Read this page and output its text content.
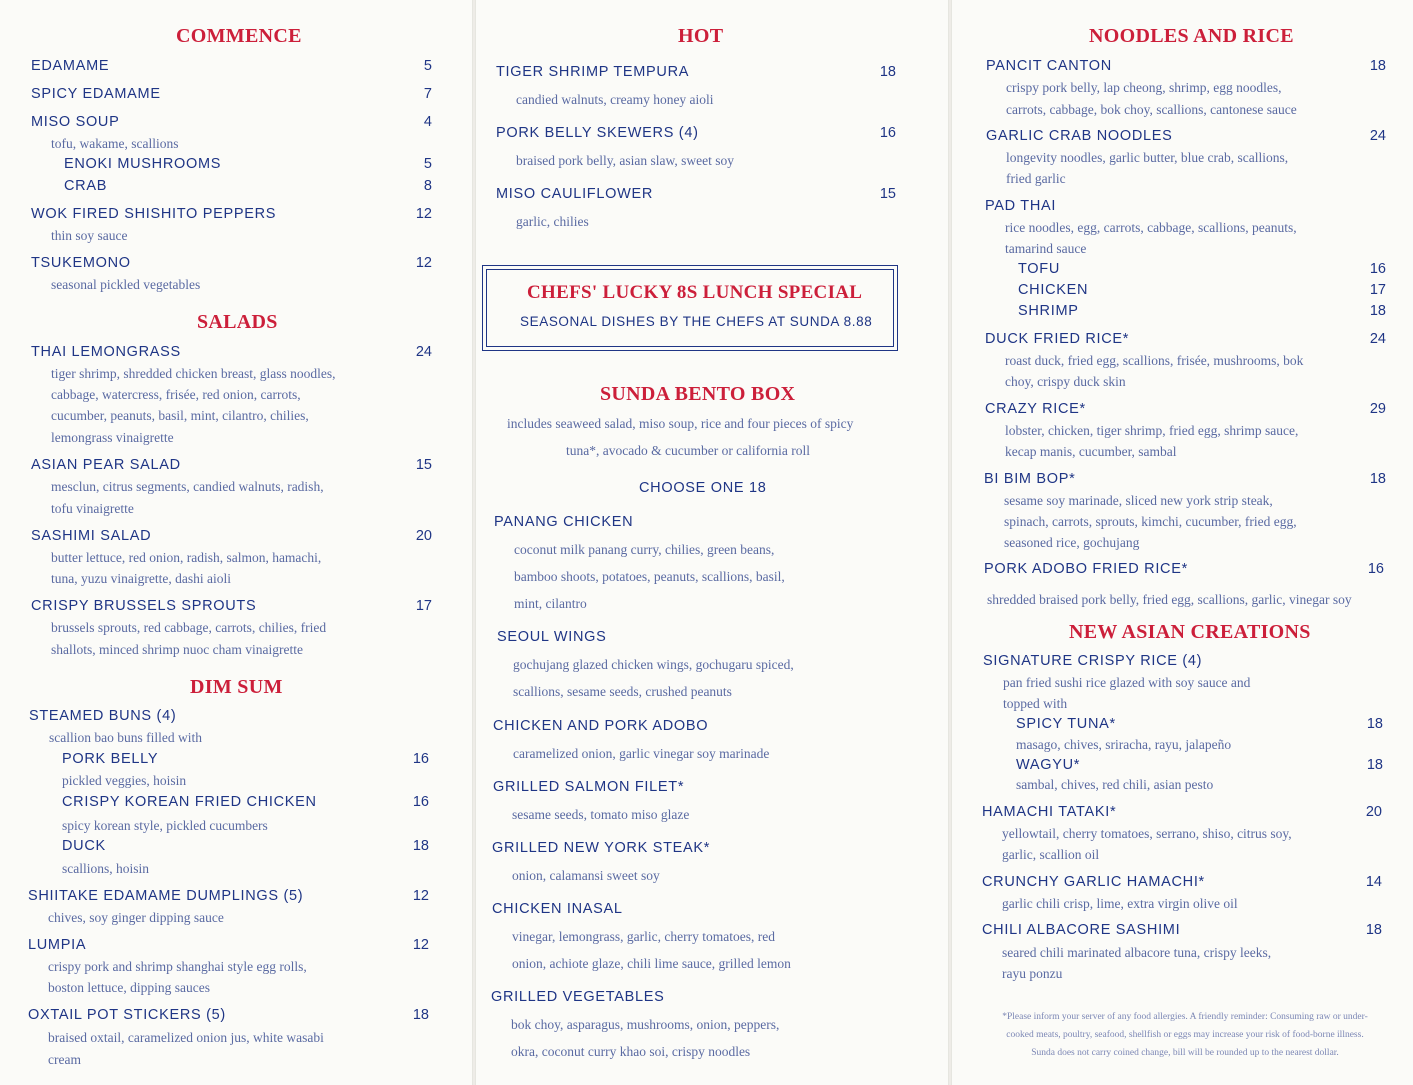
COMMENCE
EDAMAME	5
SPICY EDAMAME	7
MISO SOUP	4
tofu, wakame, scallions
ENOKI MUSHROOMS	5
CRAB	8
WOK FIRED SHISHITO PEPPERS	12
thin soy sauce
TSUKEMONO	12
seasonal pickled vegetables
SALADS
THAI LEMONGRASS	24
tiger shrimp, shredded chicken breast, glass noodles,
cabbage, watercress, frisée, red onion, carrots,
cucumber, peanuts, basil, mint, cilantro, chilies,
lemongrass vinaigrette
ASIAN PEAR SALAD	15
mesclun, citrus segments, candied walnuts, radish,
tofu vinaigrette
SASHIMI SALAD	20
butter lettuce, red onion, radish, salmon, hamachi,
tuna, yuzu vinaigrette, dashi aioli
CRISPY BRUSSELS SPROUTS	17
brussels sprouts, red cabbage, carrots, chilies, fried
shallots, minced shrimp nuoc cham vinaigrette
DIM SUM
STEAMED BUNS (4)
scallion bao buns filled with
PORK BELLY	16
pickled veggies, hoisin
CRISPY KOREAN FRIED CHICKEN	16
spicy korean style, pickled cucumbers
DUCK	18
scallions, hoisin
SHIITAKE EDAMAME DUMPLINGS (5)	12
chives, soy ginger dipping sauce
LUMPIA	12
crispy pork and shrimp shanghai style egg rolls,
boston lettuce, dipping sauces
OXTAIL POT STICKERS (5)	18
braised oxtail, caramelized onion jus, white wasabi
cream
HOT
TIGER SHRIMP TEMPURA	18
candied walnuts, creamy honey aioli
PORK BELLY SKEWERS (4)	16
braised pork belly, asian slaw, sweet soy
MISO CAULIFLOWER	15
garlic, chilies
CHEFS' LUCKY 8S LUNCH SPECIAL
SEASONAL DISHES BY THE CHEFS AT SUNDA 8.88
SUNDA BENTO BOX
includes seaweed salad, miso soup, rice and four pieces of spicy
tuna*, avocado & cucumber or california roll
CHOOSE ONE 18
PANANG CHICKEN
coconut milk panang curry, chilies, green beans,
bamboo shoots, potatoes, peanuts, scallions, basil,
mint, cilantro
SEOUL WINGS
gochujang glazed chicken wings, gochugaru spiced,
scallions, sesame seeds, crushed peanuts
CHICKEN AND PORK ADOBO
caramelized onion, garlic vinegar soy marinade
GRILLED SALMON FILET*
sesame seeds, tomato miso glaze
GRILLED NEW YORK STEAK*
onion, calamansi sweet soy
CHICKEN INASAL
vinegar, lemongrass, garlic, cherry tomatoes, red
onion, achiote glaze, chili lime sauce, grilled lemon
GRILLED VEGETABLES
bok choy, asparagus, mushrooms, onion, peppers,
okra, coconut curry khao soi, crispy noodles
NOODLES AND RICE
PANCIT CANTON	18
crispy pork belly, lap cheong, shrimp, egg noodles,
carrots, cabbage, bok choy, scallions, cantonese sauce
GARLIC CRAB NOODLES	24
longevity noodles, garlic butter, blue crab, scallions,
fried garlic
PAD THAI
rice noodles, egg, carrots, cabbage, scallions, peanuts,
tamarind sauce
TOFU	16
CHICKEN	17
SHRIMP	18
DUCK FRIED RICE*	24
roast duck, fried egg, scallions, frisée, mushrooms, bok
choy, crispy duck skin
CRAZY RICE*	29
lobster, chicken, tiger shrimp, fried egg, shrimp sauce,
kecap manis, cucumber, sambal
BI BIM BOP*	18
sesame soy marinade, sliced new york strip steak,
spinach, carrots, sprouts, kimchi, cucumber, fried egg,
seasoned rice, gochujang
PORK ADOBO FRIED RICE*	16
shredded braised pork belly, fried egg, scallions, garlic, vinegar soy
NEW ASIAN CREATIONS
SIGNATURE CRISPY RICE (4)
pan fried sushi rice glazed with soy sauce and
topped with
SPICY TUNA*	18
masago, chives, sriracha, rayu, jalapeño
WAGYU*	18
sambal, chives, red chili, asian pesto
HAMACHI TATAKI*	20
yellowtail, cherry tomatoes, serrano, shiso, citrus soy,
garlic, scallion oil
CRUNCHY GARLIC HAMACHI*	14
garlic chili crisp, lime, extra virgin olive oil
CHILI ALBACORE SASHIMI	18
seared chili marinated albacore tuna, crispy leeks,
rayu ponzu
*Please inform your server of any food allergies. A friendly reminder: Consuming raw or under-
cooked meats, poultry, seafood, shellfish or eggs may increase your risk of food-borne illness.
Sunda does not carry coined change, bill will be rounded up to the nearest dollar.
